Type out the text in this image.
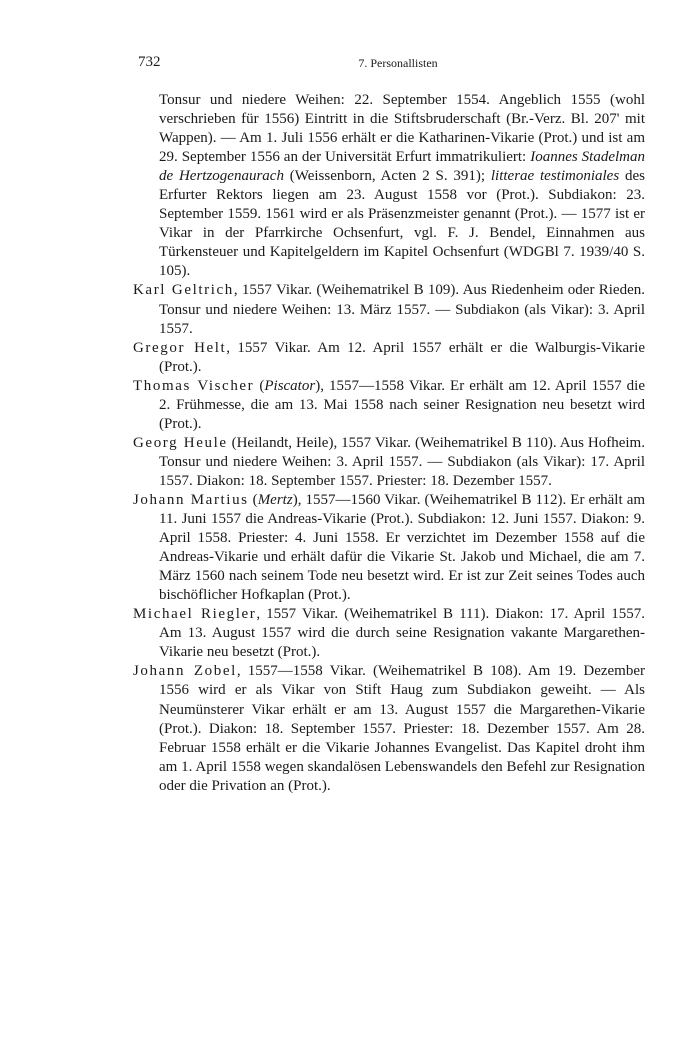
732	7. Personallisten

Tonsur und niedere Weihen: 22. September 1554. Angeblich 1555 (wohl verschrieben für 1556) Eintritt in die Stiftsbruderschaft (Br.-Verz. Bl. 207' mit Wappen). — Am 1. Juli 1556 erhält er die Katharinen-Vikarie (Prot.) und ist am 29. September 1556 an der Universität Erfurt immatrikuliert: Ioannes Stadelman de Hertzogenaurach (Weissenborn, Acten 2 S. 391); litterae testimoniales des Erfurter Rektors liegen am 23. August 1558 vor (Prot.). Subdiakon: 23. September 1559. 1561 wird er als Präsenzmeister genannt (Prot.). — 1577 ist er Vikar in der Pfarrkirche Ochsenfurt, vgl. F. J. Bendel, Einnahmen aus Türkensteuer und Kapitelgeldern im Kapitel Ochsenfurt (WDGBl 7. 1939/40 S. 105).

Karl Geltrich, 1557 Vikar. (Weihematrikel B 109). Aus Riedenheim oder Rieden. Tonsur und niedere Weihen: 13. März 1557. — Subdiakon (als Vikar): 3. April 1557.

Gregor Helt, 1557 Vikar. Am 12. April 1557 erhält er die Walburgis-Vikarie (Prot.).

Thomas Vischer (Piscator), 1557—1558 Vikar. Er erhält am 12. April 1557 die 2. Frühmesse, die am 13. Mai 1558 nach seiner Resignation neu besetzt wird (Prot.).

Georg Heule (Heilandt, Heile), 1557 Vikar. (Weihematrikel B 110). Aus Hofheim. Tonsur und niedere Weihen: 3. April 1557. — Subdiakon (als Vikar): 17. April 1557. Diakon: 18. September 1557. Priester: 18. Dezember 1557.

Johann Martius (Mertz), 1557—1560 Vikar. (Weihematrikel B 112). Er erhält am 11. Juni 1557 die Andreas-Vikarie (Prot.). Subdiakon: 12. Juni 1557. Diakon: 9. April 1558. Priester: 4. Juni 1558. Er verzichtet im Dezember 1558 auf die Andreas-Vikarie und erhält dafür die Vikarie St. Jakob und Michael, die am 7. März 1560 nach seinem Tode neu besetzt wird. Er ist zur Zeit seines Todes auch bischöflicher Hofkaplan (Prot.).

Michael Riegler, 1557 Vikar. (Weihematrikel B 111). Diakon: 17. April 1557. Am 13. August 1557 wird die durch seine Resignation vakante Margarethen-Vikarie neu besetzt (Prot.).

Johann Zobel, 1557—1558 Vikar. (Weihematrikel B 108). Am 19. Dezember 1556 wird er als Vikar von Stift Haug zum Subdiakon geweiht. — Als Neumünsterer Vikar erhält er am 13. August 1557 die Margarethen-Vikarie (Prot.). Diakon: 18. September 1557. Priester: 18. Dezember 1557. Am 28. Februar 1558 erhält er die Vikarie Johannes Evangelist. Das Kapitel droht ihm am 1. April 1558 wegen skandalösen Lebenswandels den Befehl zur Resignation oder die Privation an (Prot.).
